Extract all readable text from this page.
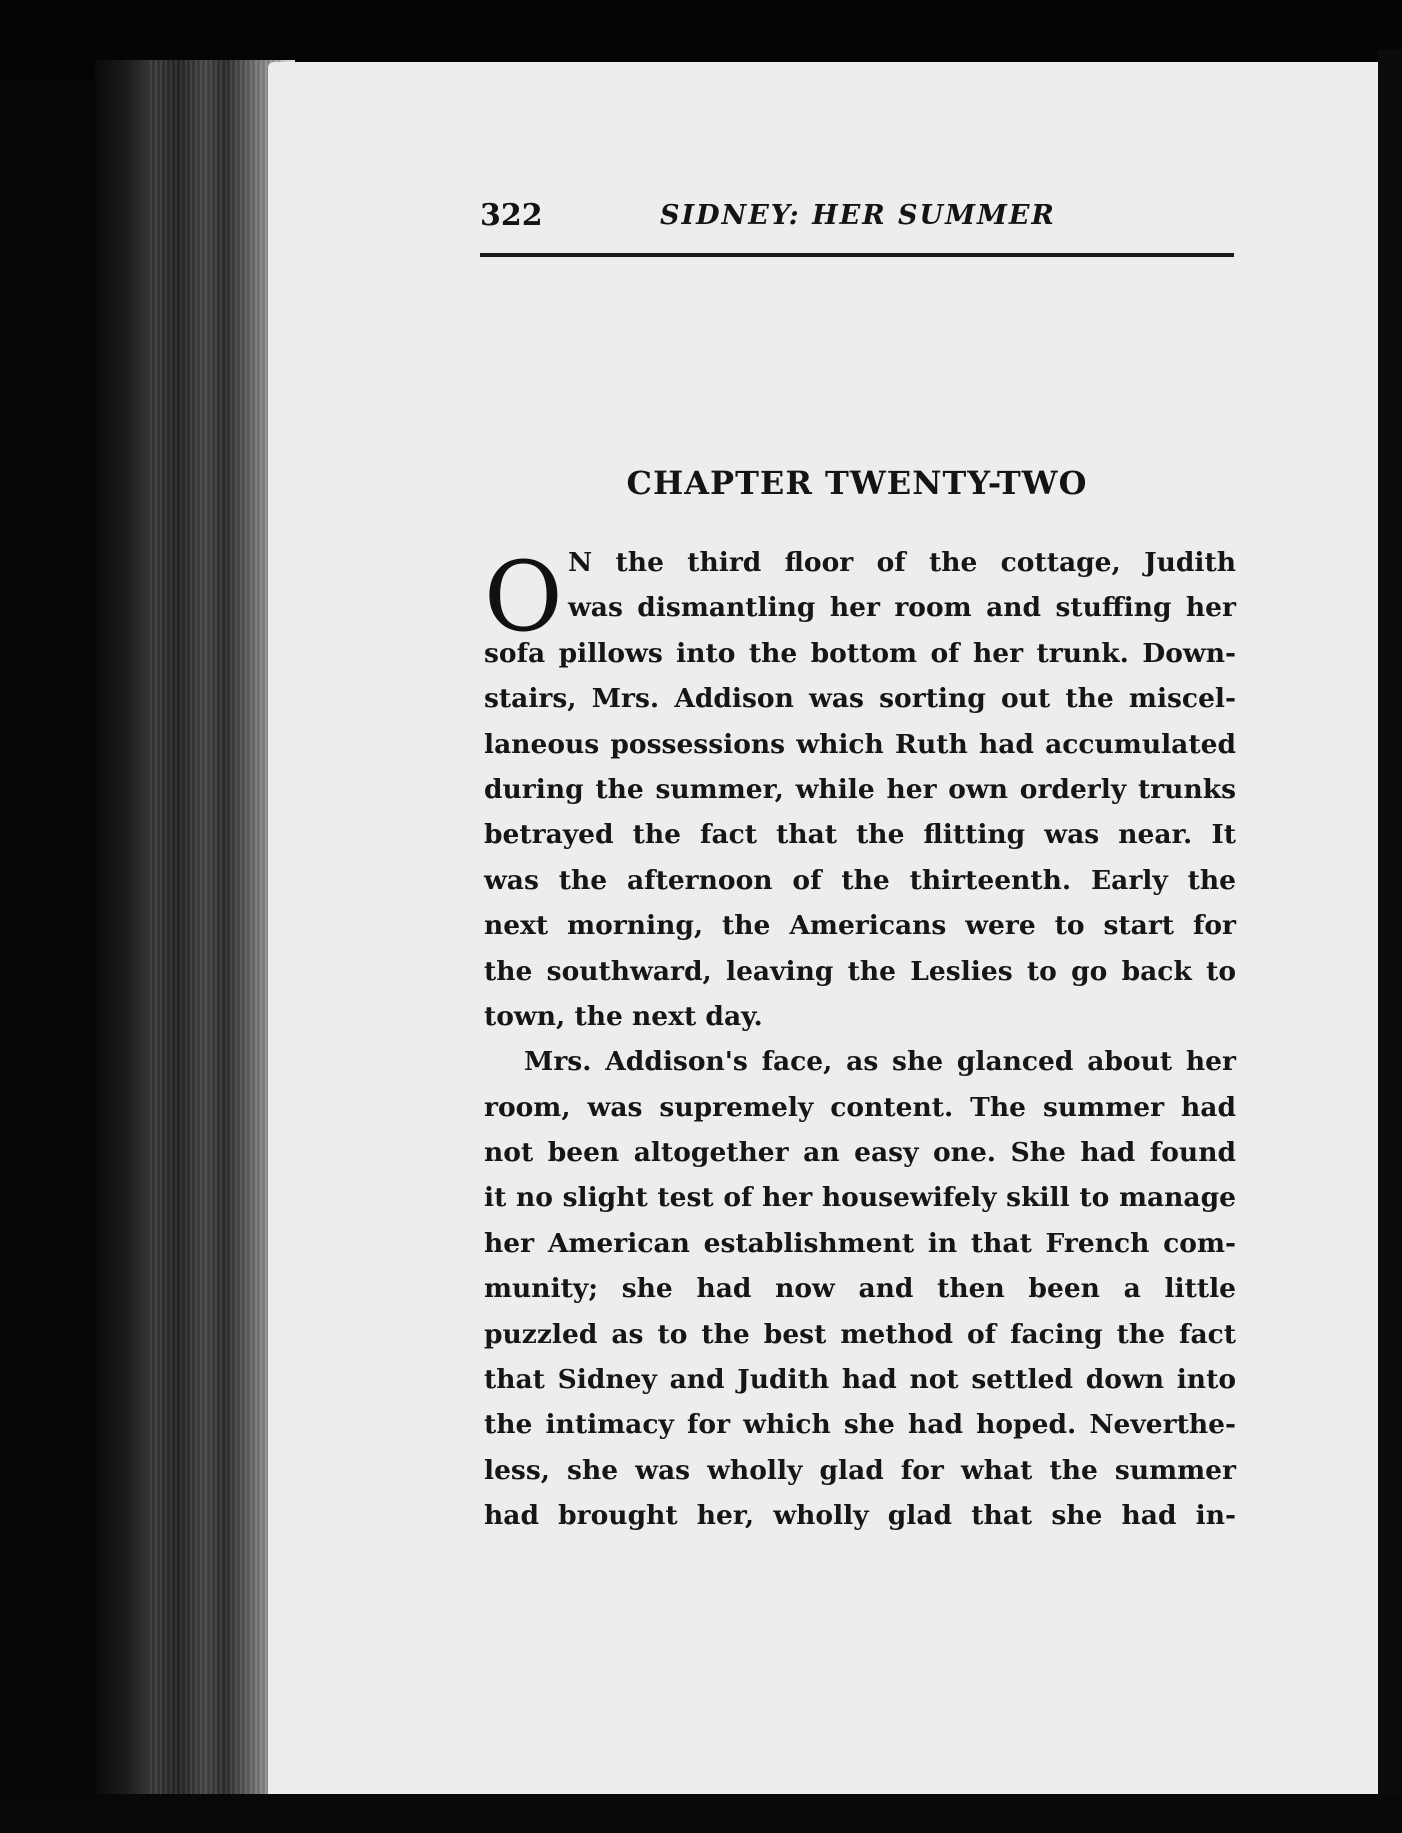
322	SIDNEY: HER SUMMER
CHAPTER TWENTY-TWO
O N the third floor of the cottage, Judith
was dismantling her room and stuffing her
sofa pillows into the bottom of her trunk. Down-
stairs, Mrs. Addison was sorting out the miscel-
laneous possessions which Ruth had accumulated
during the summer, while her own orderly trunks
betrayed the fact that the flitting was near. It
was the afternoon of the thirteenth. Early the
next morning, the Americans were to start for
the southward, leaving the Leslies to go back to
town, the next day.
Mrs. Addison's face, as she glanced about her
room, was supremely content. The summer had
not been altogether an easy one. She had found
it no slight test of her housewifely skill to manage
her American establishment in that French com-
munity; she had now and then been a little
puzzled as to the best method of facing the fact
that Sidney and Judith had not settled down into
the intimacy for which she had hoped. Neverthe-
less, she was wholly glad for what the summer
had brought her, wholly glad that she had in-
